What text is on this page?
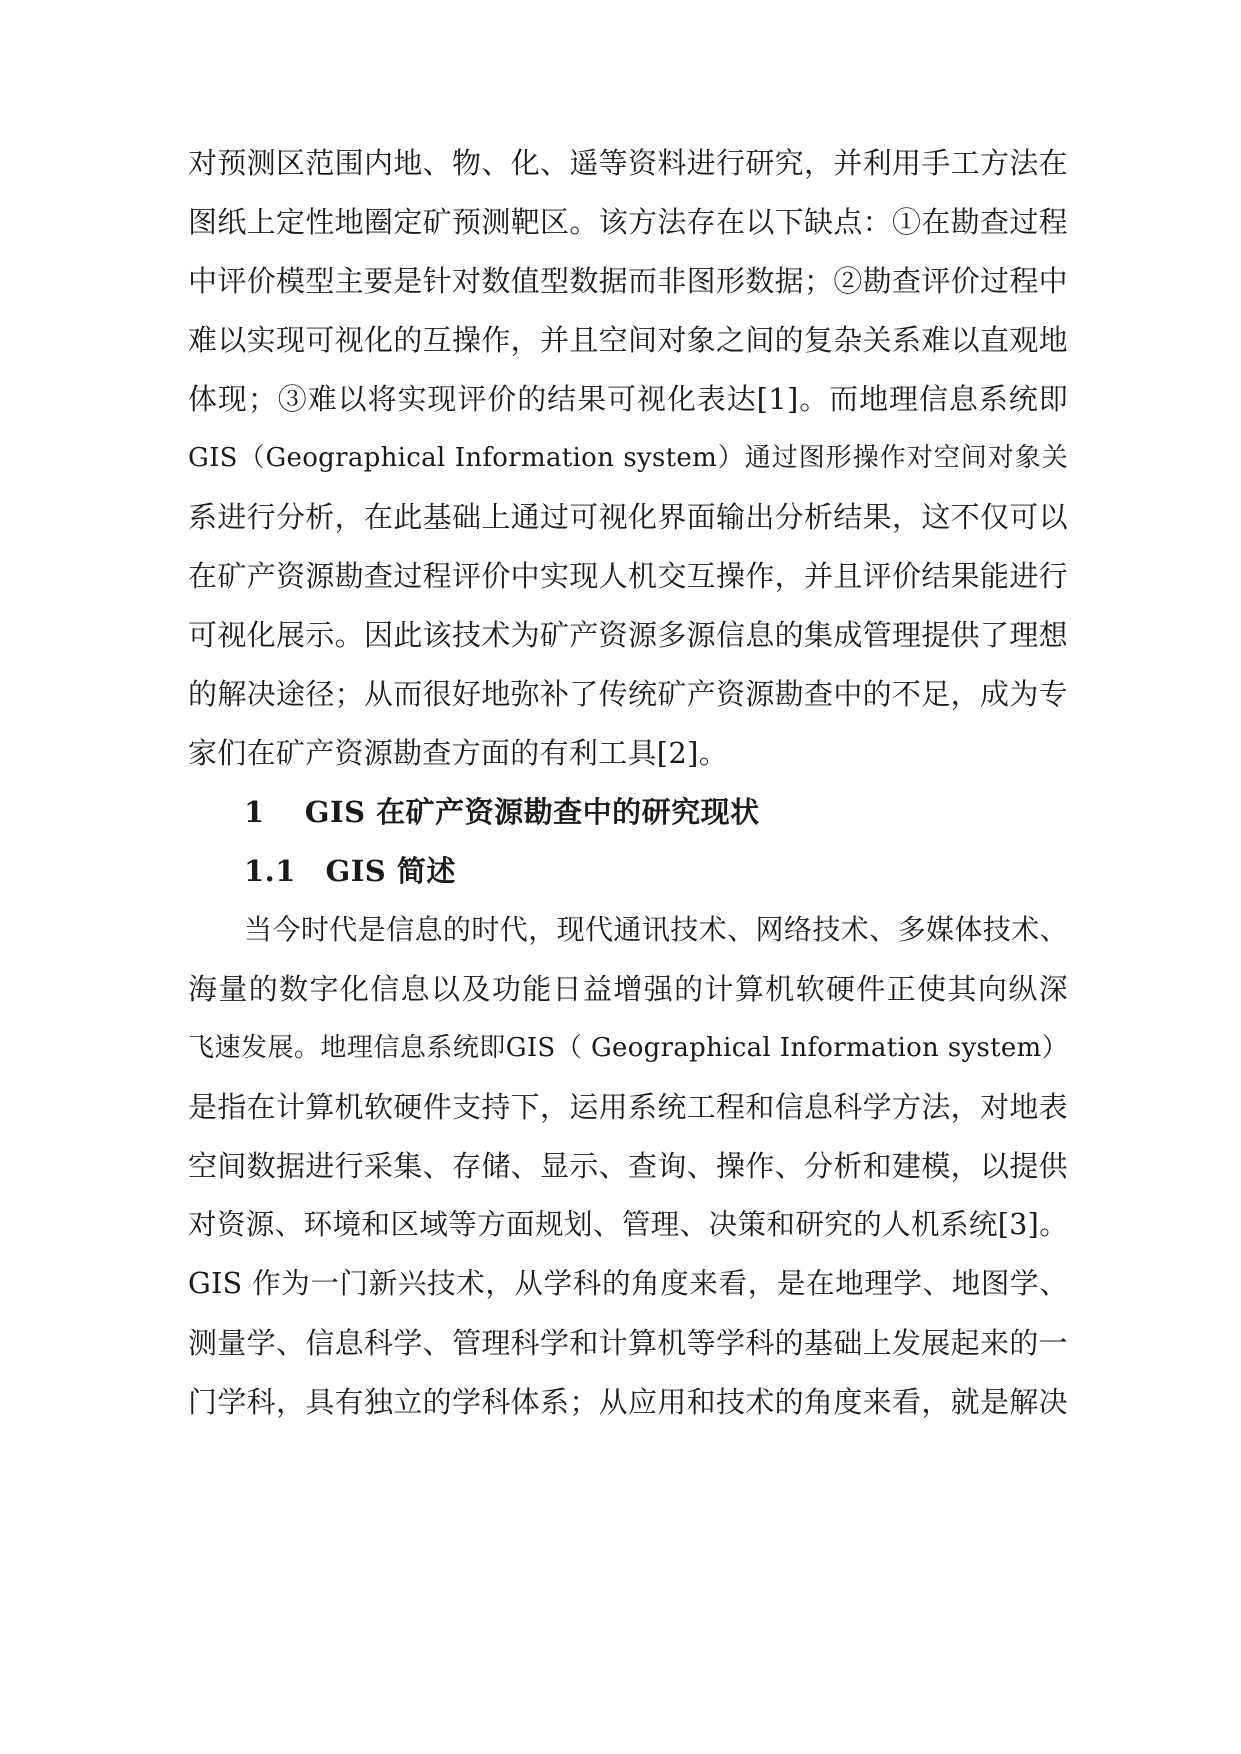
对预测区范围内地、物、化、遥等资料进行研究，并利用手工方法在
图纸上定性地圈定矿预测靶区。该方法存在以下缺点：①在勘查过程
中评价模型主要是针对数值型数据而非图形数据；②勘查评价过程中
难以实现可视化的互操作，并且空间对象之间的复杂关系难以直观地
体现；③难以将实现评价的结果可视化表达[1]。而地理信息系统即
GIS（Geographical Information system）通过图形操作对空间对象关
系进行分析，在此基础上通过可视化界面输出分析结果，这不仅可以
在矿产资源勘查过程评价中实现人机交互操作，并且评价结果能进行
可视化展示。因此该技术为矿产资源多源信息的集成管理提供了理想
的解决途径；从而很好地弥补了传统矿产资源勘查中的不足，成为专
家们在矿产资源勘查方面的有利工具[2]。
1　 GIS 在矿产资源勘查中的研究现状
1.1　GIS 简述
当今时代是信息的时代，现代通讯技术、网络技术、多媒体技术、
海量的数字化信息以及功能日益增强的计算机软硬件正使其向纵深
飞速发展。地理信息系统即GIS（ Geographical Information system）
是指在计算机软硬件支持下，运用系统工程和信息科学方法，对地表
空间数据进行采集、存储、显示、查询、操作、分析和建模，以提供
对资源、环境和区域等方面规划、管理、决策和研究的人机系统[3]。
GIS 作为一门新兴技术，从学科的角度来看，是在地理学、地图学、
测量学、信息科学、管理科学和计算机等学科的基础上发展起来的一
门学科，具有独立的学科体系；从应用和技术的角度来看，就是解决
